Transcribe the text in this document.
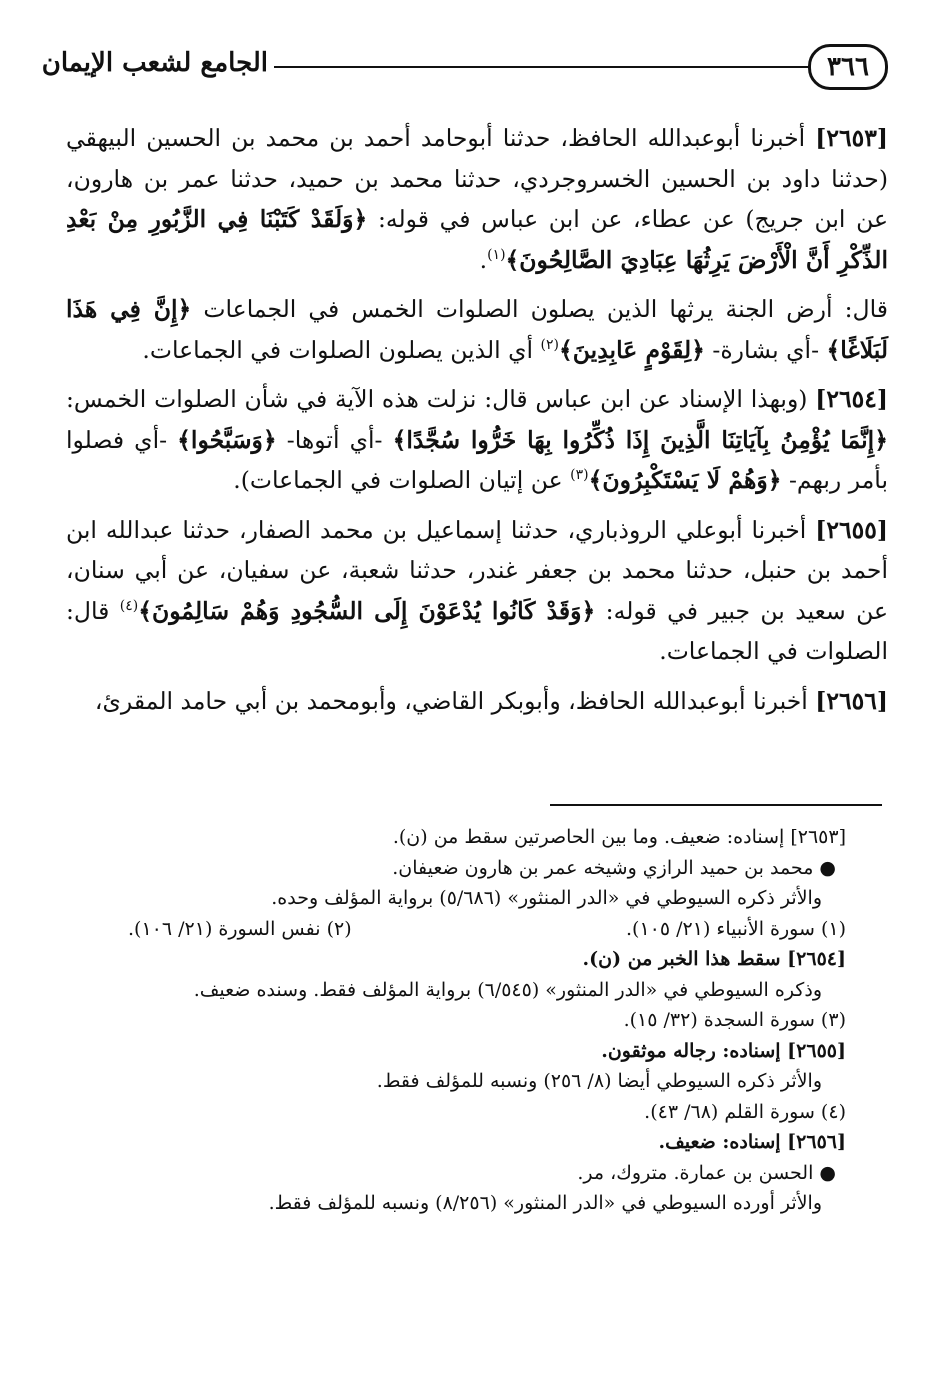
٣٦٦
الجامع لشعب الإيمان

[٢٦٥٣] أخبرنا أبوعبدالله الحافظ، حدثنا أبوحامد أحمد بن محمد بن الحسين البيهقي (حدثنا داود بن الحسين الخسروجردي، حدثنا محمد بن حميد، حدثنا عمر بن هارون، عن ابن جريج) عن عطاء، عن ابن عباس في قوله: ﴿وَلَقَدْ كَتَبْنَا فِي الزَّبُورِ مِنْ بَعْدِ الذِّكْرِ أَنَّ الْأَرْضَ يَرِثُهَا عِبَادِيَ الصَّالِحُونَ﴾$^{(١)}$.

قال: أرض الجنة يرثها الذين يصلون الصلوات الخمس في الجماعات ﴿إِنَّ فِي هَذَا لَبَلَاغًا﴾ -أي بشارة- ﴿لِقَوْمٍ عَابِدِينَ﴾$^{(٢)}$ أي الذين يصلون الصلوات في الجماعات.

[٢٦٥٤] (وبهذا الإسناد عن ابن عباس قال: نزلت هذه الآية في شأن الصلوات الخمس: ﴿إِنَّمَا يُؤْمِنُ بِآيَاتِنَا الَّذِينَ إِذَا ذُكِّرُوا بِهَا خَرُّوا سُجَّدًا﴾ -أي أتوها- ﴿وَسَبَّحُوا﴾ -أي فصلوا بأمر ربهم- ﴿وَهُمْ لَا يَسْتَكْبِرُونَ﴾$^{(٣)}$ عن إتيان الصلوات في الجماعات).

[٢٦٥٥] أخبرنا أبوعلي الروذباري، حدثنا إسماعيل بن محمد الصفار، حدثنا عبدالله ابن أحمد بن حنبل، حدثنا محمد بن جعفر غندر، حدثنا شعبة، عن سفيان، عن أبي سنان، عن سعيد بن جبير في قوله: ﴿وَقَدْ كَانُوا يُدْعَوْنَ إِلَى السُّجُودِ وَهُمْ سَالِمُونَ﴾$^{(٤)}$ قال: الصلوات في الجماعات.

[٢٦٥٦] أخبرنا أبوعبدالله الحافظ، وأبوبكر القاضي، وأبومحمد بن أبي حامد المقرئ،

[٢٦٥٣] إسناده: ضعيف. وما بين الحاصرتين سقط من (ن).

● محمد بن حميد الرازي وشيخه عمر بن هارون ضعيفان.

والأثر ذكره السيوطي في «الدر المنثور» (٥/٦٨٦) برواية المؤلف وحده.

(١) سورة الأنبياء (٢١/ ١٠٥).
(٢) نفس السورة (٢١/ ١٠٦).

[٢٦٥٤] سقط هذا الخبر من (ن).

وذكره السيوطي في «الدر المنثور» (٦/٥٤٥) برواية المؤلف فقط. وسنده ضعيف.

(٣) سورة السجدة (٣٢/ ١٥).

[٢٦٥٥] إسناده: رجاله موثقون.

والأثر ذكره السيوطي أيضا (٨/ ٢٥٦) ونسبه للمؤلف فقط.

(٤) سورة القلم (٦٨/ ٤٣).

[٢٦٥٦] إسناده: ضعيف.

● الحسن بن عمارة. متروك، مر.

والأثر أورده السيوطي في «الدر المنثور» (٨/٢٥٦) ونسبه للمؤلف فقط.
